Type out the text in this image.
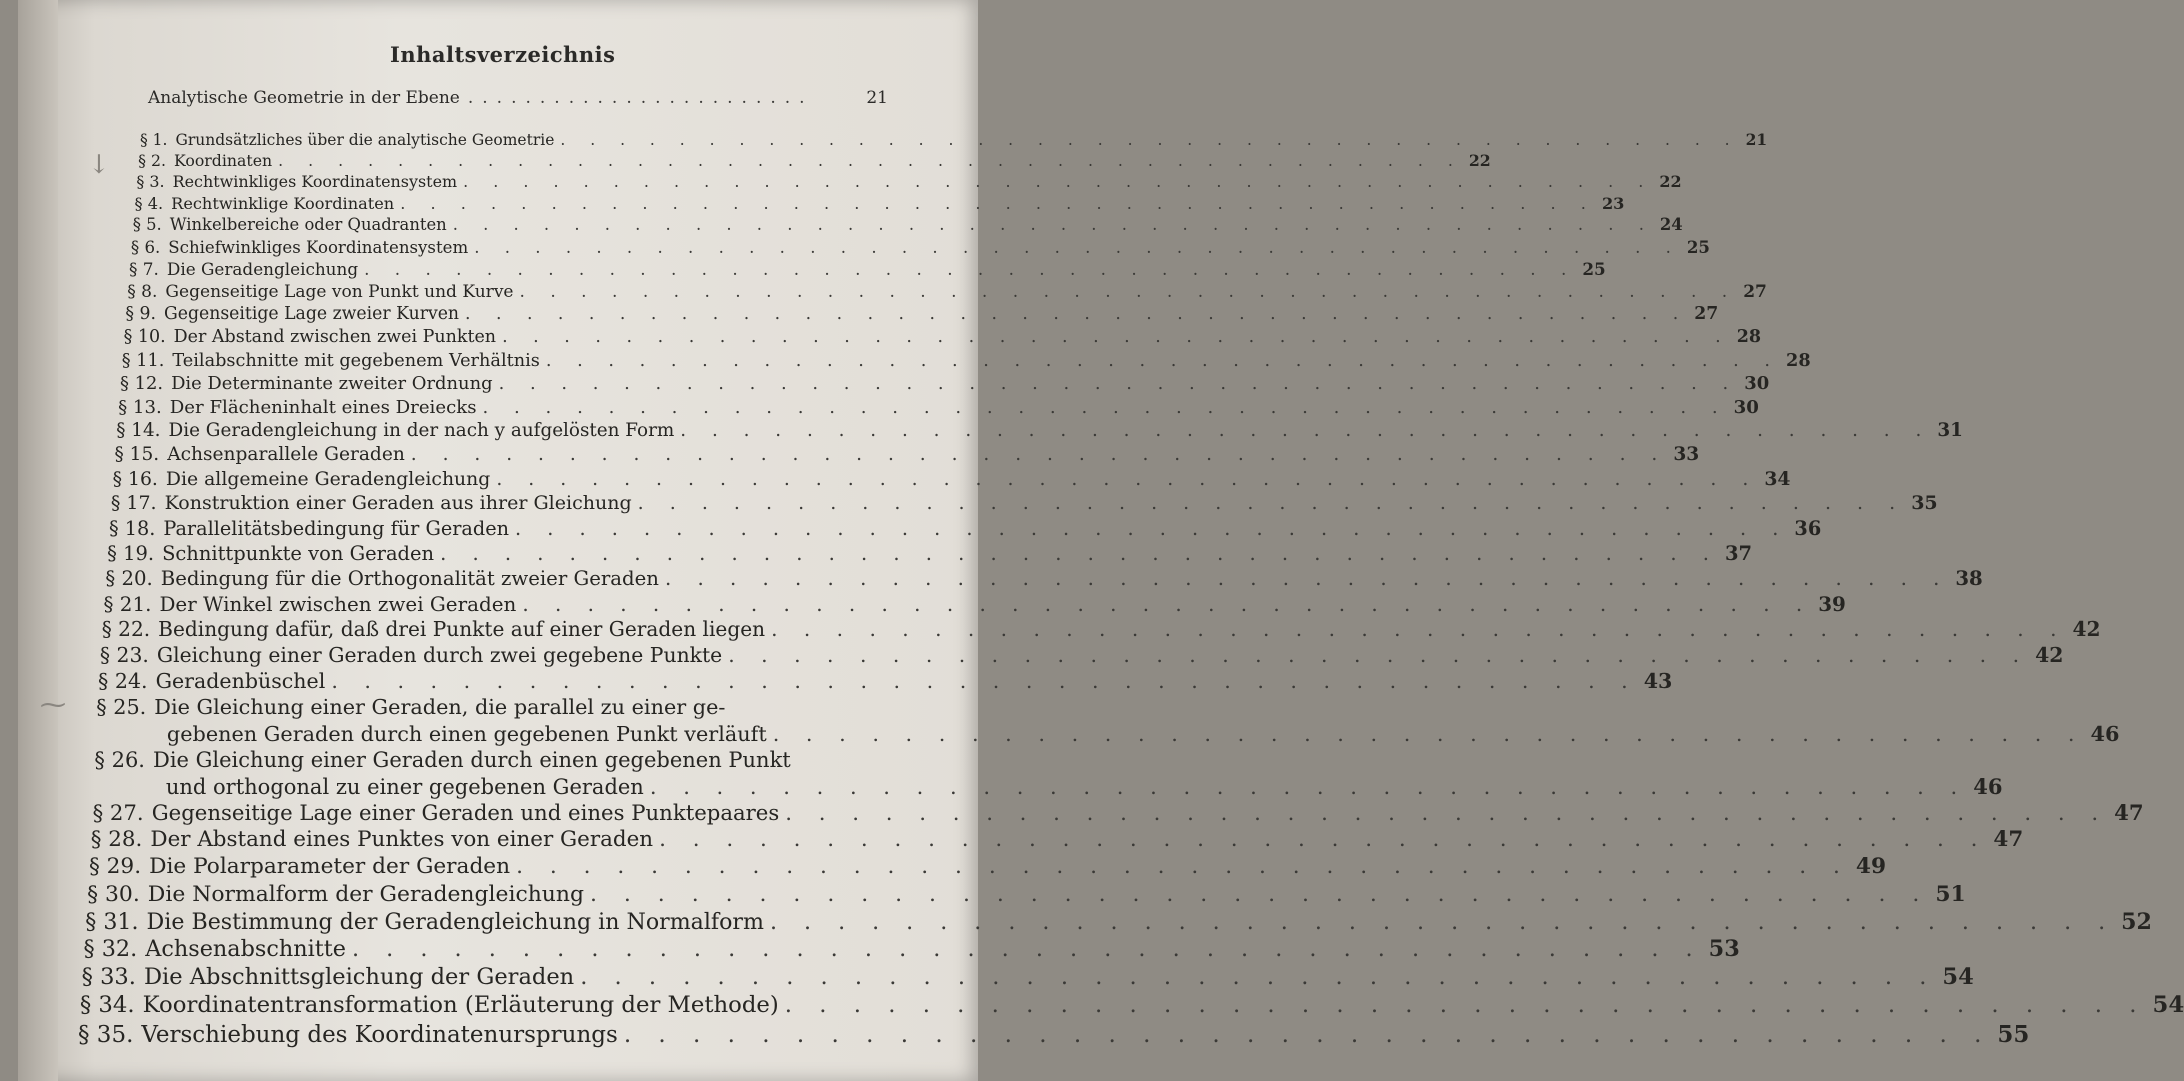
Inhaltsverzeichnis
Analytische Geometrie in der Ebene ........................	21
↓
⁓
§ 1. Grundsätzliches über die analytische Geometrie . . . . . . . . . . . . . . . . . . . . . . . . . . . . . . . . . . . . . . . . 21
§ 2. Koordinaten . . . . . . . . . . . . . . . . . . . . . . . . . . . . . . . . . . . . . . . . 22
§ 3. Rechtwinkliges Koordinatensystem . . . . . . . . . . . . . . . . . . . . . . . . . . . . . . . . . . . . . . . . 22
§ 4. Rechtwinklige Koordinaten . . . . . . . . . . . . . . . . . . . . . . . . . . . . . . . . . . . . . . . . 23
§ 5. Winkelbereiche oder Quadranten . . . . . . . . . . . . . . . . . . . . . . . . . . . . . . . . . . . . . . . . 24
§ 6. Schiefwinkliges Koordinatensystem . . . . . . . . . . . . . . . . . . . . . . . . . . . . . . . . . . . . . . . . 25
§ 7. Die Geradengleichung . . . . . . . . . . . . . . . . . . . . . . . . . . . . . . . . . . . . . . . . 25
§ 8. Gegenseitige Lage von Punkt und Kurve . . . . . . . . . . . . . . . . . . . . . . . . . . . . . . . . . . . . . . . . 27
§ 9. Gegenseitige Lage zweier Kurven . . . . . . . . . . . . . . . . . . . . . . . . . . . . . . . . . . . . . . . . 27
§ 10. Der Abstand zwischen zwei Punkten . . . . . . . . . . . . . . . . . . . . . . . . . . . . . . . . . . . . . . . . 28
§ 11. Teilabschnitte mit gegebenem Verhältnis . . . . . . . . . . . . . . . . . . . . . . . . . . . . . . . . . . . . . . . . 28
§ 12. Die Determinante zweiter Ordnung . . . . . . . . . . . . . . . . . . . . . . . . . . . . . . . . . . . . . . . . 30
§ 13. Der Flächeninhalt eines Dreiecks . . . . . . . . . . . . . . . . . . . . . . . . . . . . . . . . . . . . . . . . 30
§ 14. Die Geradengleichung in der nach y aufgelösten Form . . . . . . . . . . . . . . . . . . . . . . . . . . . . . . . . . . . . . . . . 31
§ 15. Achsenparallele Geraden . . . . . . . . . . . . . . . . . . . . . . . . . . . . . . . . . . . . . . . . 33
§ 16. Die allgemeine Geradengleichung . . . . . . . . . . . . . . . . . . . . . . . . . . . . . . . . . . . . . . . . 34
§ 17. Konstruktion einer Geraden aus ihrer Gleichung . . . . . . . . . . . . . . . . . . . . . . . . . . . . . . . . . . . . . . . . 35
§ 18. Parallelitätsbedingung für Geraden . . . . . . . . . . . . . . . . . . . . . . . . . . . . . . . . . . . . . . . . 36
§ 19. Schnittpunkte von Geraden . . . . . . . . . . . . . . . . . . . . . . . . . . . . . . . . . . . . . . . . 37
§ 20. Bedingung für die Orthogonalität zweier Geraden . . . . . . . . . . . . . . . . . . . . . . . . . . . . . . . . . . . . . . . . 38
§ 21. Der Winkel zwischen zwei Geraden . . . . . . . . . . . . . . . . . . . . . . . . . . . . . . . . . . . . . . . . 39
§ 22. Bedingung dafür, daß drei Punkte auf einer Geraden liegen . . . . . . . . . . . . . . . . . . . . . . . . . . . . . . . . . . . . . . . . 42
§ 23. Gleichung einer Geraden durch zwei gegebene Punkte . . . . . . . . . . . . . . . . . . . . . . . . . . . . . . . . . . . . . . . . 42
§ 24. Geradenbüschel . . . . . . . . . . . . . . . . . . . . . . . . . . . . . . . . . . . . . . . . 43
§ 25. Die Gleichung einer Geraden, die parallel zu einer ge-
gebenen Geraden durch einen gegebenen Punkt verläuft . . . . . . . . . . . . . . . . . . . . . . . . . . . . . . . . . . . . . . . . 46
§ 26. Die Gleichung einer Geraden durch einen gegebenen Punkt
und orthogonal zu einer gegebenen Geraden . . . . . . . . . . . . . . . . . . . . . . . . . . . . . . . . . . . . . . . . 46
§ 27. Gegenseitige Lage einer Geraden und eines Punktepaares . . . . . . . . . . . . . . . . . . . . . . . . . . . . . . . . . . . . . . . . 47
§ 28. Der Abstand eines Punktes von einer Geraden . . . . . . . . . . . . . . . . . . . . . . . . . . . . . . . . . . . . . . . . 47
§ 29. Die Polarparameter der Geraden . . . . . . . . . . . . . . . . . . . . . . . . . . . . . . . . . . . . . . . . 49
§ 30. Die Normalform der Geradengleichung . . . . . . . . . . . . . . . . . . . . . . . . . . . . . . . . . . . . . . . . 51
§ 31. Die Bestimmung der Geradengleichung in Normalform . . . . . . . . . . . . . . . . . . . . . . . . . . . . . . . . . . . . . . . . 52
§ 32. Achsenabschnitte . . . . . . . . . . . . . . . . . . . . . . . . . . . . . . . . . . . . . . . . 53
§ 33. Die Abschnittsgleichung der Geraden . . . . . . . . . . . . . . . . . . . . . . . . . . . . . . . . . . . . . . . . 54
§ 34. Koordinatentransformation (Erläuterung der Methode) . . . . . . . . . . . . . . . . . . . . . . . . . . . . . . . . . . . . . . . . 54
§ 35. Verschiebung des Koordinatenursprungs . . . . . . . . . . . . . . . . . . . . . . . . . . . . . . . . . . . . . . . . 55
